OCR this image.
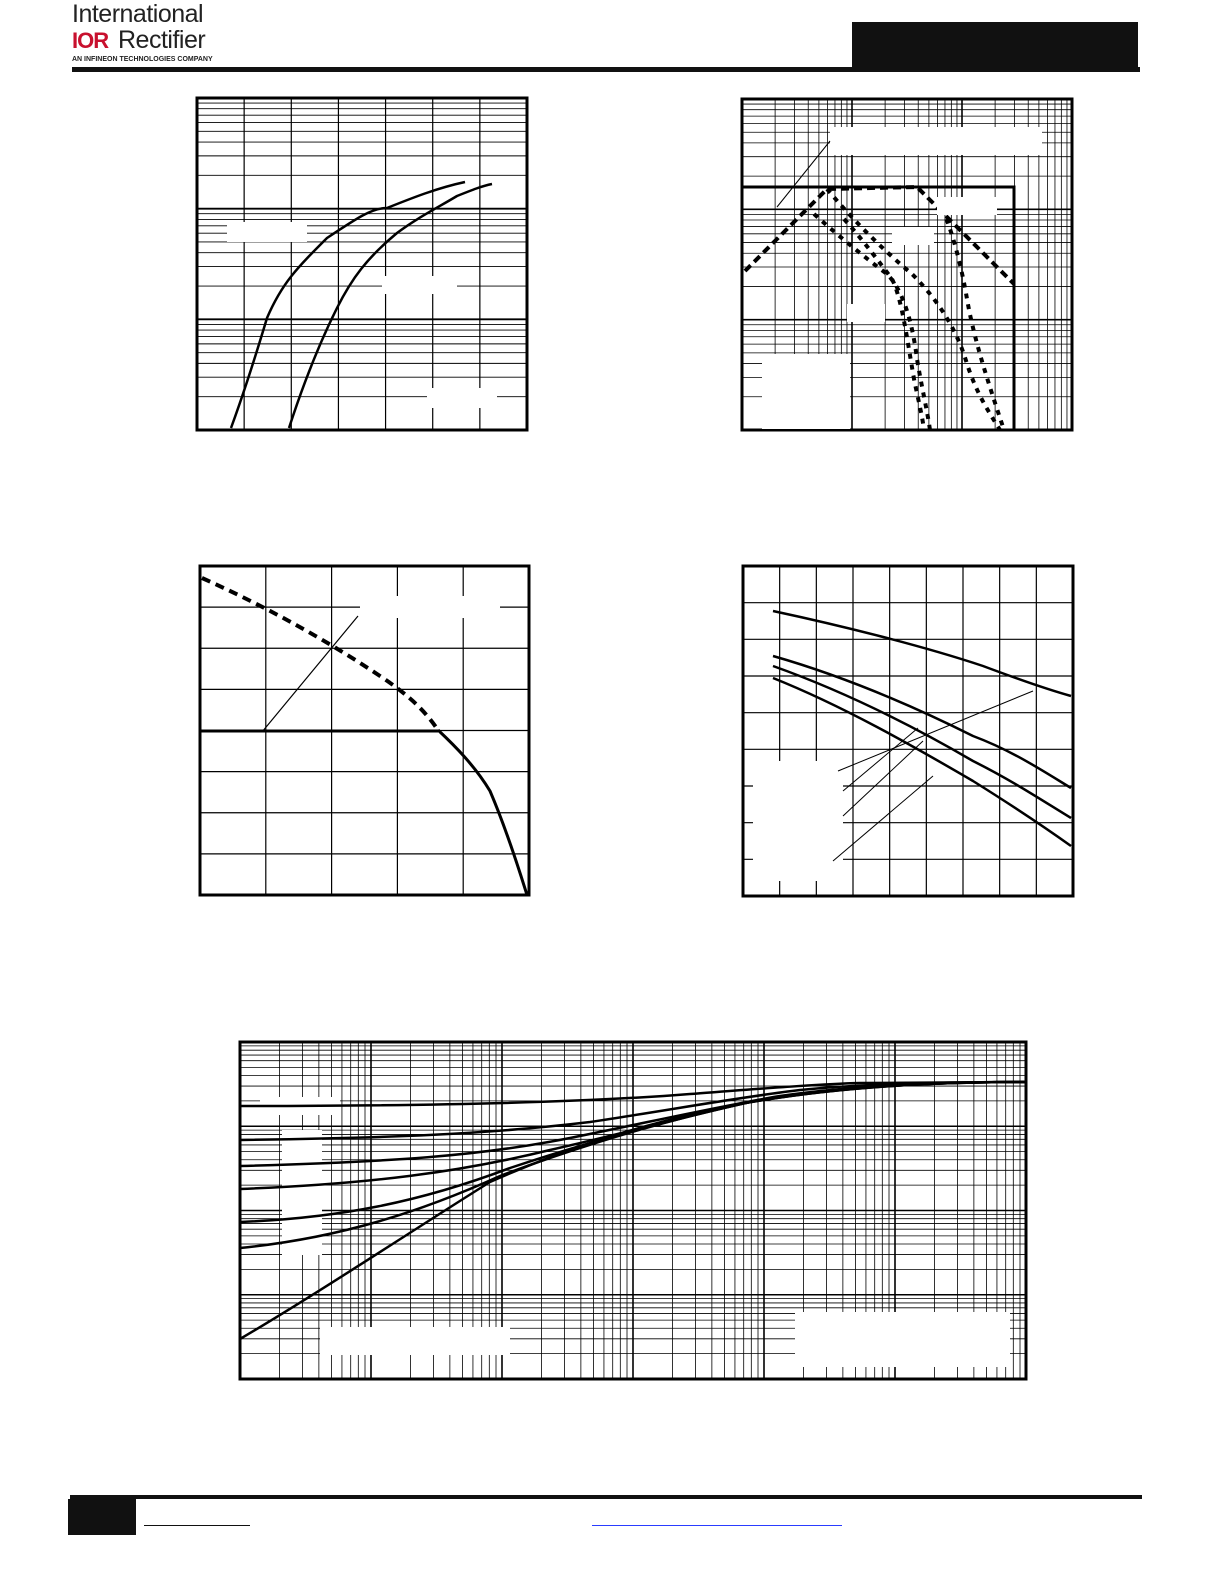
International
IOR Rectifier
AN INFINEON TECHNOLOGIES COMPANY
